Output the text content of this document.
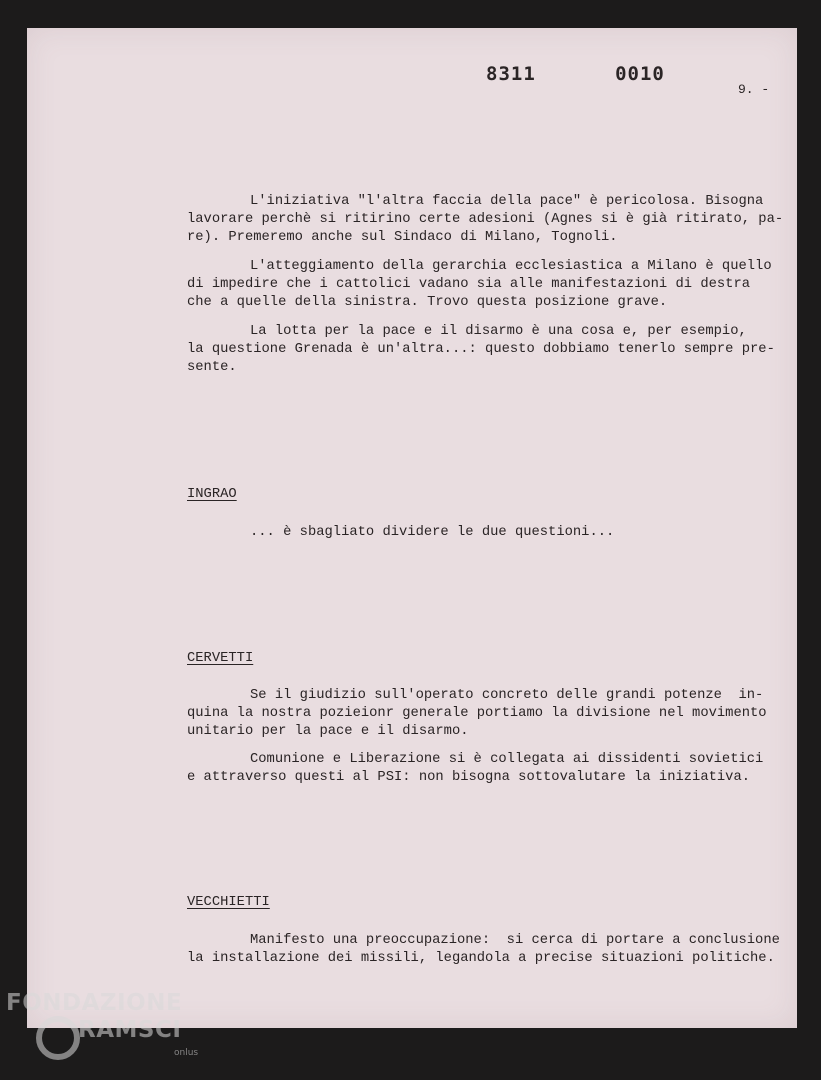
8311   0010
9. -
L'iniziativa "l'altra faccia della pace" è pericolosa. Bisogna
lavorare perchè si ritirino certe adesioni (Agnes si è già ritirato, pa-
re). Premeremo anche sul Sindaco di Milano, Tognoli.
L'atteggiamento della gerarchia ecclesiastica a Milano è quello
di impedire che i cattolici vadano sia alle manifestazioni di destra
che a quelle della sinistra. Trovo questa posizione grave.
La lotta per la pace e il disarmo è una cosa e, per esempio,
la questione Grenada è un'altra...: questo dobbiamo tenerlo sempre pre-
sente.
INGRAO
... è sbagliato dividere le due questioni...
CERVETTI
Se il giudizio sull'operato concreto delle grandi potenze  in-
quina la nostra pozieionr generale portiamo la divisione nel movimento
unitario per la pace e il disarmo.
Comunione e Liberazione si è collegata ai dissidenti sovietici
e attraverso questi al PSI: non bisogna sottovalutare la iniziativa.
VECCHIETTI
Manifesto una preoccupazione:  si cerca di portare a conclusione
la installazione dei missili, legandola a precise situazioni politiche.
FONDAZIONE
RAMSCI
onlus
